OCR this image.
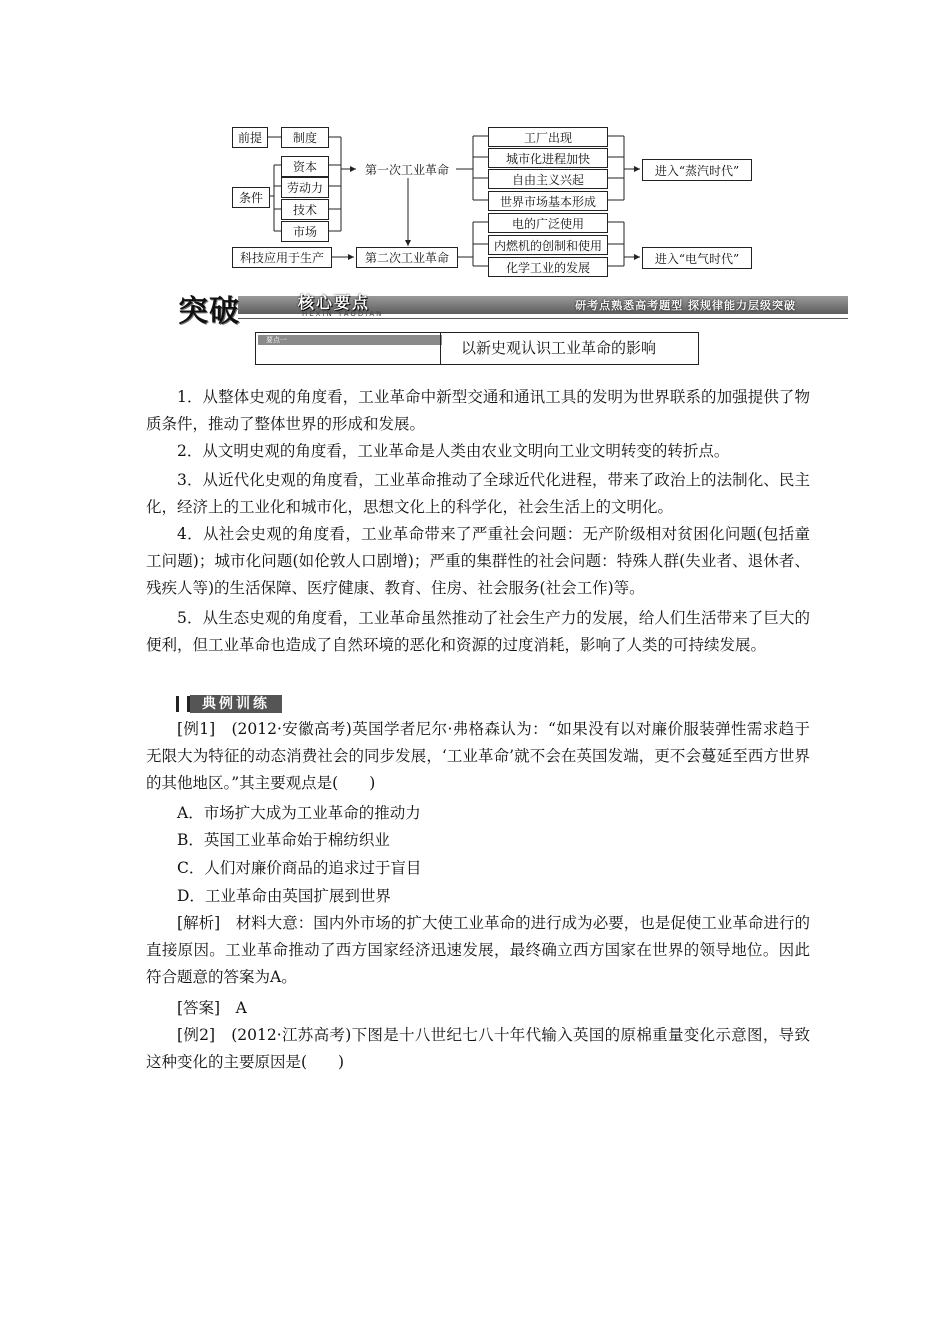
前提	制度
条件
资本
劳动力
技术
市场
科技应用于生产
第一次工业革命
第二次工业革命
工厂出现
城市化进程加快
自由主义兴起
世界市场基本形成
电的广泛使用
内燃机的创制和使用
化学工业的发展
进入“蒸汽时代”
进入“电气时代”
突破	核心要点
HEXIN YAODIAN
研考点熟悉高考题型 探规律能力层级突破
要点一	以新史观认识工业革命的影响

1．从整体史观的角度看，工业革命中新型交通和通讯工具的发明为世界联系的加强提供了物质条件，推动了整体世界的形成和发展。

2．从文明史观的角度看，工业革命是人类由农业文明向工业文明转变的转折点。

3．从近代化史观的角度看，工业革命推动了全球近代化进程，带来了政治上的法制化、民主化，经济上的工业化和城市化，思想文化上的科学化，社会生活上的文明化。

4．从社会史观的角度看，工业革命带来了严重社会问题：无产阶级相对贫困化问题(包括童工问题)；城市化问题(如伦敦人口剧增)；严重的集群性的社会问题：特殊人群(失业者、退休者、残疾人等)的生活保障、医疗健康、教育、住房、社会服务(社会工作)等。

5．从生态史观的角度看，工业革命虽然推动了社会生产力的发展，给人们生活带来了巨大的便利，但工业革命也造成了自然环境的恶化和资源的过度消耗，影响了人类的可持续发展。

典例训练

[例1]　(2012·安徽高考)英国学者尼尔·弗格森认为：“如果没有以对廉价服装弹性需求趋于无限大为特征的动态消费社会的同步发展，‘工业革命’就不会在英国发端，更不会蔓延至西方世界的其他地区。”其主要观点是(　　)

A．市场扩大成为工业革命的推动力

B．英国工业革命始于棉纺织业

C．人们对廉价商品的追求过于盲目

D．工业革命由英国扩展到世界

[解析]　材料大意：国内外市场的扩大使工业革命的进行成为必要，也是促使工业革命进行的直接原因。工业革命推动了西方国家经济迅速发展，最终确立西方国家在世界的领导地位。因此符合题意的答案为A。

[答案]　A

[例2]　(2012·江苏高考)下图是十八世纪七八十年代输入英国的原棉重量变化示意图，导致这种变化的主要原因是(　　)
